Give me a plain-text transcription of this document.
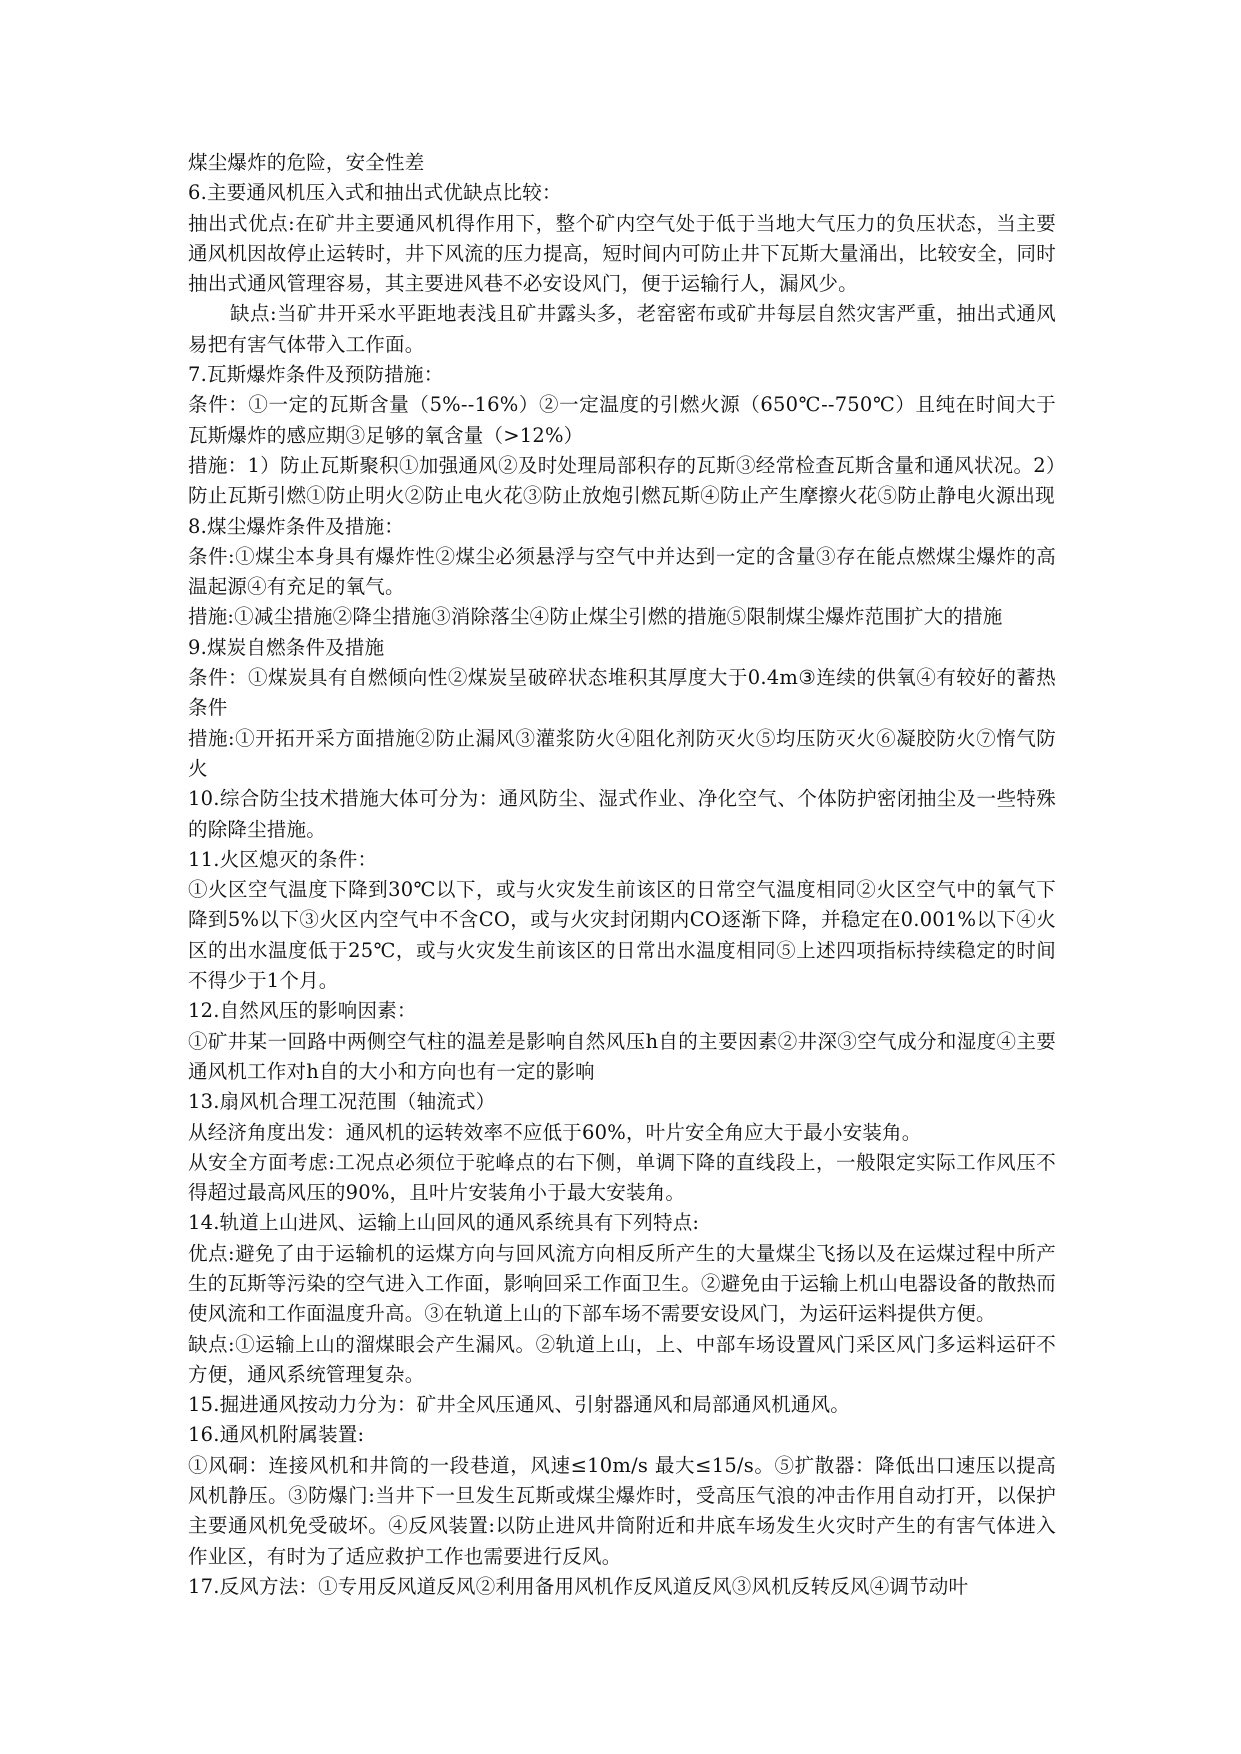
煤尘爆炸的危险，安全性差

6.主要通风机压入式和抽出式优缺点比较：

抽出式优点:在矿井主要通风机得作用下，整个矿内空气处于低于当地大气压力的负压状态，当主要通风机因故停止运转时，井下风流的压力提高，短时间内可防止井下瓦斯大量涌出，比较安全，同时抽出式通风管理容易，其主要进风巷不必安设风门，便于运输行人，漏风少。

缺点:当矿井开采水平距地表浅且矿井露头多，老窑密布或矿井每层自然灾害严重，抽出式通风易把有害气体带入工作面。

7.瓦斯爆炸条件及预防措施：

条件：①一定的瓦斯含量（5%--16%）②一定温度的引燃火源（650℃--750℃）且纯在时间大于瓦斯爆炸的感应期③足够的氧含量（>12%）

措施：1）防止瓦斯聚积①加强通风②及时处理局部积存的瓦斯③经常检查瓦斯含量和通风状况。2）防止瓦斯引燃①防止明火②防止电火花③防止放炮引燃瓦斯④防止产生摩擦火花⑤防止静电火源出现

8.煤尘爆炸条件及措施：

条件:①煤尘本身具有爆炸性②煤尘必须悬浮与空气中并达到一定的含量③存在能点燃煤尘爆炸的高温起源④有充足的氧气。

措施:①减尘措施②降尘措施③消除落尘④防止煤尘引燃的措施⑤限制煤尘爆炸范围扩大的措施

9.煤炭自燃条件及措施

条件：①煤炭具有自燃倾向性②煤炭呈破碎状态堆积其厚度大于0.4m③连续的供氧④有较好的蓄热条件

措施:①开拓开采方面措施②防止漏风③灌浆防火④阻化剂防灭火⑤均压防灭火⑥凝胶防火⑦惰气防火

10.综合防尘技术措施大体可分为：通风防尘、湿式作业、净化空气、个体防护密闭抽尘及一些特殊的除降尘措施。

11.火区熄灭的条件：

①火区空气温度下降到30℃以下，或与火灾发生前该区的日常空气温度相同②火区空气中的氧气下降到5%以下③火区内空气中不含CO，或与火灾封闭期内CO逐渐下降，并稳定在0.001%以下④火区的出水温度低于25℃，或与火灾发生前该区的日常出水温度相同⑤上述四项指标持续稳定的时间不得少于1个月。

12.自然风压的影响因素：

①矿井某一回路中两侧空气柱的温差是影响自然风压h自的主要因素②井深③空气成分和湿度④主要通风机工作对h自的大小和方向也有一定的影响

13.扇风机合理工况范围（轴流式）

从经济角度出发：通风机的运转效率不应低于60%，叶片安全角应大于最小安装角。

从安全方面考虑:工况点必须位于驼峰点的右下侧，单调下降的直线段上，一般限定实际工作风压不得超过最高风压的90%，且叶片安装角小于最大安装角。

14.轨道上山进风、运输上山回风的通风系统具有下列特点:

优点:避免了由于运输机的运煤方向与回风流方向相反所产生的大量煤尘飞扬以及在运煤过程中所产生的瓦斯等污染的空气进入工作面，影响回采工作面卫生。②避免由于运输上机山电器设备的散热而使风流和工作面温度升高。③在轨道上山的下部车场不需要安设风门，为运矸运料提供方便。

缺点:①运输上山的溜煤眼会产生漏风。②轨道上山，上、中部车场设置风门采区风门多运料运矸不方便，通风系统管理复杂。

15.掘进通风按动力分为：矿井全风压通风、引射器通风和局部通风机通风。

16.通风机附属装置:

①风硐：连接风机和井筒的一段巷道，风速≤10m/s 最大≤15/s。⑤扩散器：降低出口速压以提高风机静压。③防爆门:当井下一旦发生瓦斯或煤尘爆炸时，受高压气浪的冲击作用自动打开，以保护主要通风机免受破坏。④反风装置:以防止进风井筒附近和井底车场发生火灾时产生的有害气体进入作业区，有时为了适应救护工作也需要进行反风。

17.反风方法：①专用反风道反风②利用备用风机作反风道反风③风机反转反风④调节动叶
